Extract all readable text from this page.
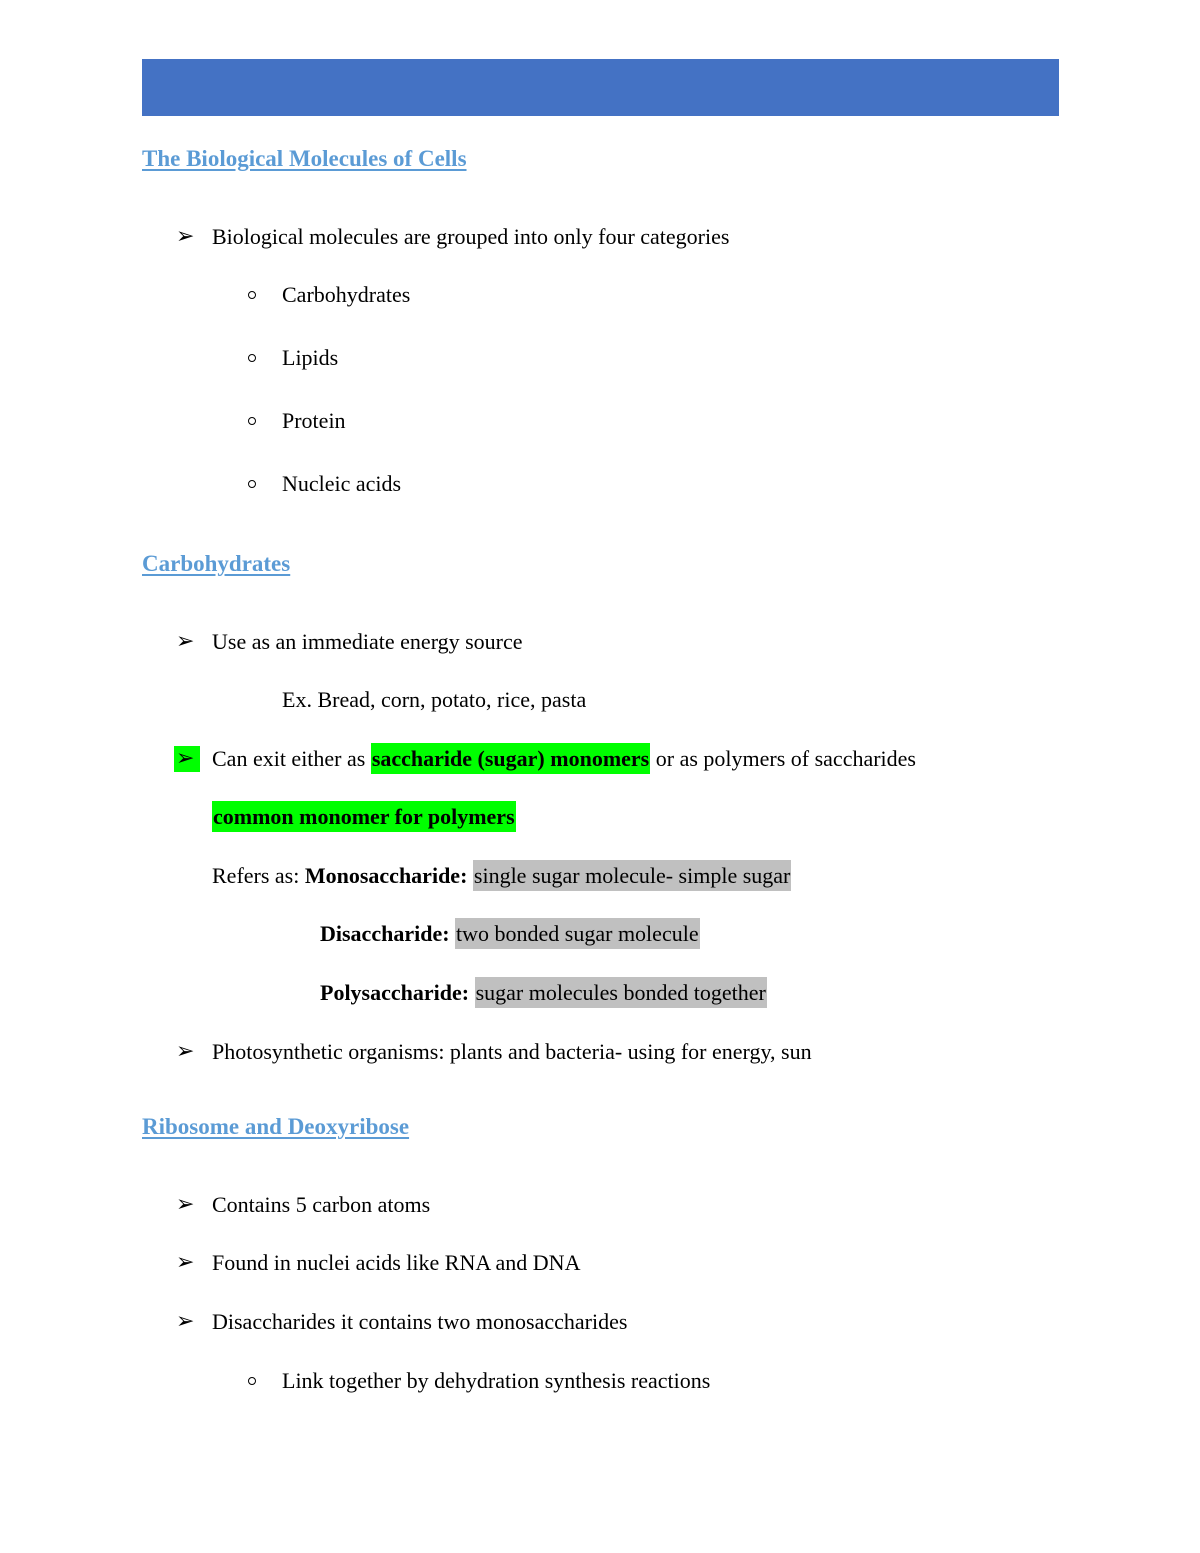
The Biological Molecules of Cells
➢ Biological molecules are grouped into only four categories
Carbohydrates
Lipids
Protein
Nucleic acids
Carbohydrates
➢ Use as an immediate energy source
Ex. Bread, corn, potato, rice, pasta
➢ Can exit either as saccharide (sugar) monomers or as polymers of saccharides
common monomer for polymers
Refers as: Monosaccharide: single sugar molecule- simple sugar
Disaccharide: two bonded sugar molecule
Polysaccharide: sugar molecules bonded together
➢ Photosynthetic organisms: plants and bacteria- using for energy, sun
Ribosome and Deoxyribose
➢ Contains 5 carbon atoms
➢ Found in nuclei acids like RNA and DNA
➢ Disaccharides it contains two monosaccharides
Link together by dehydration synthesis reactions
